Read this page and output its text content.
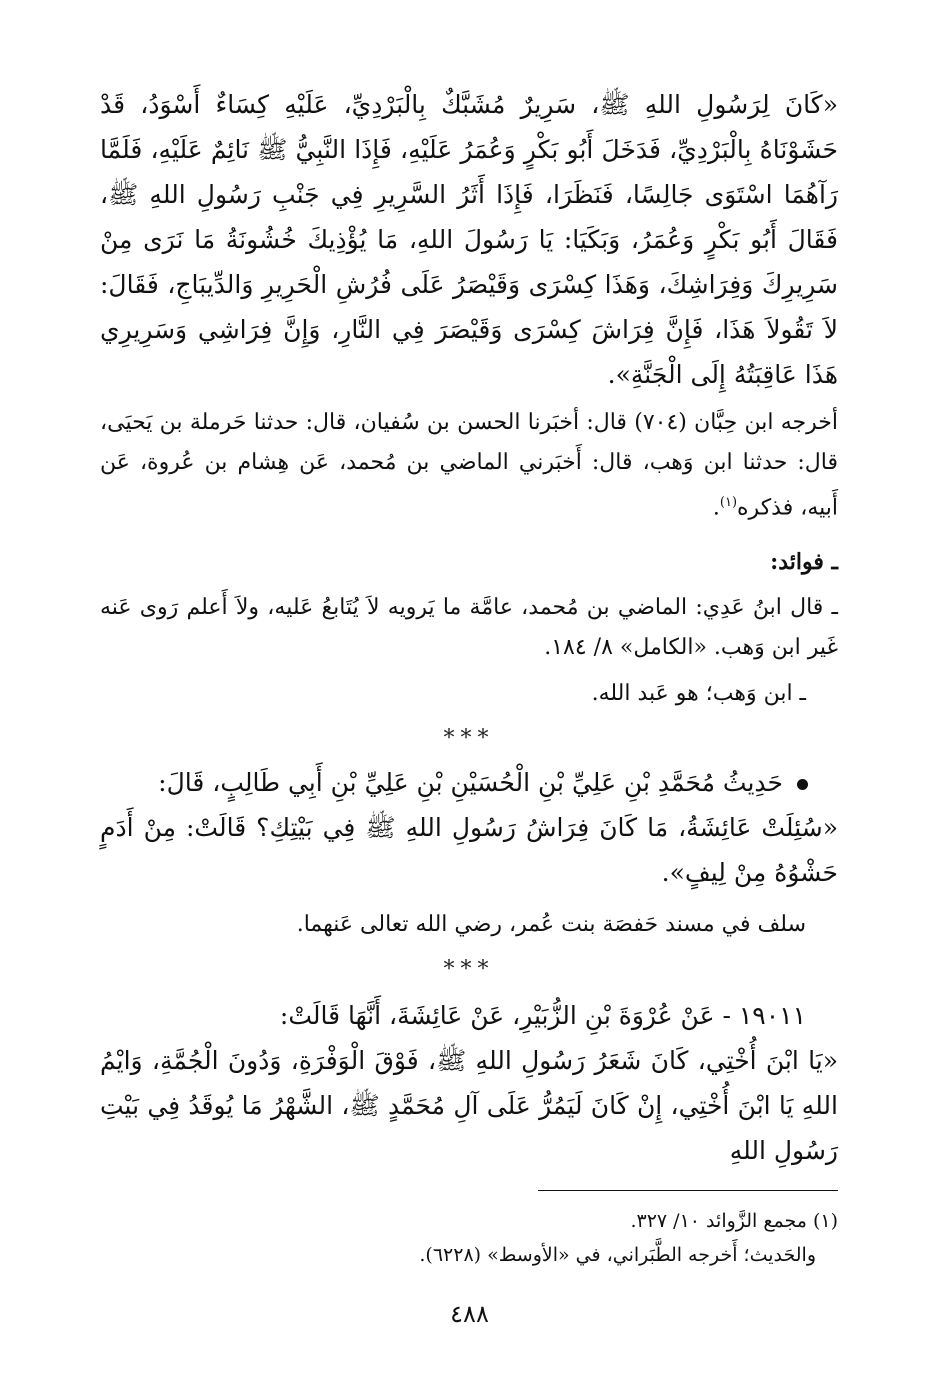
«كَانَ لِرَسُولِ اللهِ ﷺ، سَرِيرٌ مُشَبَّكٌ بِالْبَرْدِيِّ، عَلَيْهِ كِسَاءٌ أَسْوَدُ، قَدْ حَشَوْنَاهُ بِالْبَرْدِيِّ، فَدَخَلَ أَبُو بَكْرٍ وَعُمَرُ عَلَيْهِ، فَإِذَا النَّبِيُّ ﷺ نَائِمٌ عَلَيْهِ، فَلَمَّا رَآهُمَا اسْتَوَى جَالِسًا، فَنَظَرَا، فَإِذَا أَثَرُ السَّرِيرِ فِي جَنْبِ رَسُولِ اللهِ ﷺ، فَقَالَ أَبُو بَكْرٍ وَعُمَرُ، وَبَكَيَا: يَا رَسُولَ اللهِ، مَا يُؤْذِيكَ خُشُونَةُ مَا نَرَى مِنْ سَرِيرِكَ وَفِرَاشِكَ، وَهَذَا كِسْرَى وَقَيْصَرُ عَلَى فُرُشِ الْحَرِيرِ وَالدِّيبَاجِ، فَقَالَ: لاَ تَقُولاَ هَذَا، فَإِنَّ فِرَاشَ كِسْرَى وَقَيْصَرَ فِي النَّارِ، وَإِنَّ فِرَاشِي وَسَرِيرِي هَذَا عَاقِبَتُهُ إِلَى الْجَنَّةِ».

أخرجه ابن حِبَّان (٧٠٤) قال: أخبَرنا الحسن بن سُفيان، قال: حدثنا حَرملة بن يَحيَى، قال: حدثنا ابن وَهب، قال: أَخبَرني الماضي بن مُحمد، عَن هِشام بن عُروة، عَن أَبيه، فذكره$^{(١)}$.

ـ فوائد:

ـ قال ابنُ عَدِي: الماضي بن مُحمد، عامَّة ما يَرويه لاَ يُتَابعُ عَليه، ولاَ أَعلم رَوى عَنه غَير ابن وَهب. «الكامل» ٨/ ١٨٤.

ـ ابن وَهب؛ هو عَبد الله.

***

حَدِيثُ مُحَمَّدِ بْنِ عَلِيِّ بْنِ الْحُسَيْنِ بْنِ عَلِيِّ بْنِ أَبِي طَالِبٍ، قَالَ:

«سُئِلَتْ عَائِشَةُ، مَا كَانَ فِرَاشُ رَسُولِ اللهِ ﷺ فِي بَيْتِكِ؟ قَالَتْ: مِنْ أَدَمٍ حَشْوُهُ مِنْ لِيفٍ».

سلف في مسند حَفصَة بنت عُمر، رضي الله تعالى عَنهما.

***

١٩٠١١ - عَنْ عُرْوَةَ بْنِ الزُّبَيْرِ، عَنْ عَائِشَةَ، أَنَّهَا قَالَتْ:

«يَا ابْنَ أُخْتِي، كَانَ شَعَرُ رَسُولِ اللهِ ﷺ، فَوْقَ الْوَفْرَةِ، وَدُونَ الْجُمَّةِ، وَايْمُ اللهِ يَا ابْنَ أُخْتِي، إِنْ كَانَ لَيَمُرُّ عَلَى آلِ مُحَمَّدٍ ﷺ، الشَّهْرُ مَا يُوقَدُ فِي بَيْتِ رَسُولِ اللهِ

(١) مجمع الزَّوائد ١٠/ ٣٢٧.

والحَديث؛ أَخرجه الطَّبَراني، في «الأوسط» (٦٢٢٨).

٤٨٨
